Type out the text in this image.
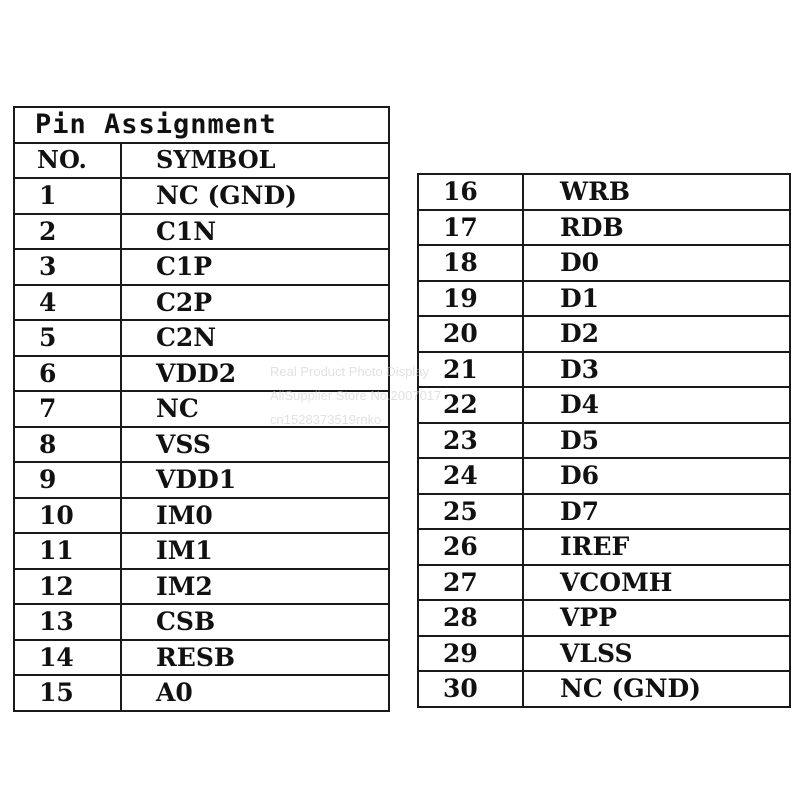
Pin Assignment	
NO.	SYMBOL
1	NC (GND)
2	C1N
3	C1P
4	C2P
5	C2N
6	VDD2
7	NC
8	VSS
9	VDD1
10	IM0
11	IM1
12	IM2
13	CSB
14	RESB
15	A0
16	WRB
17	RDB
18	D0
19	D1
20	D2
21	D3
22	D4
23	D5
24	D6
25	D7
26	IREF
27	VCOMH
28	VPP
29	VLSS
30	NC (GND)
Real Product Photo Display
AliSupplier Store No.2007017
cn1528373519rnko
